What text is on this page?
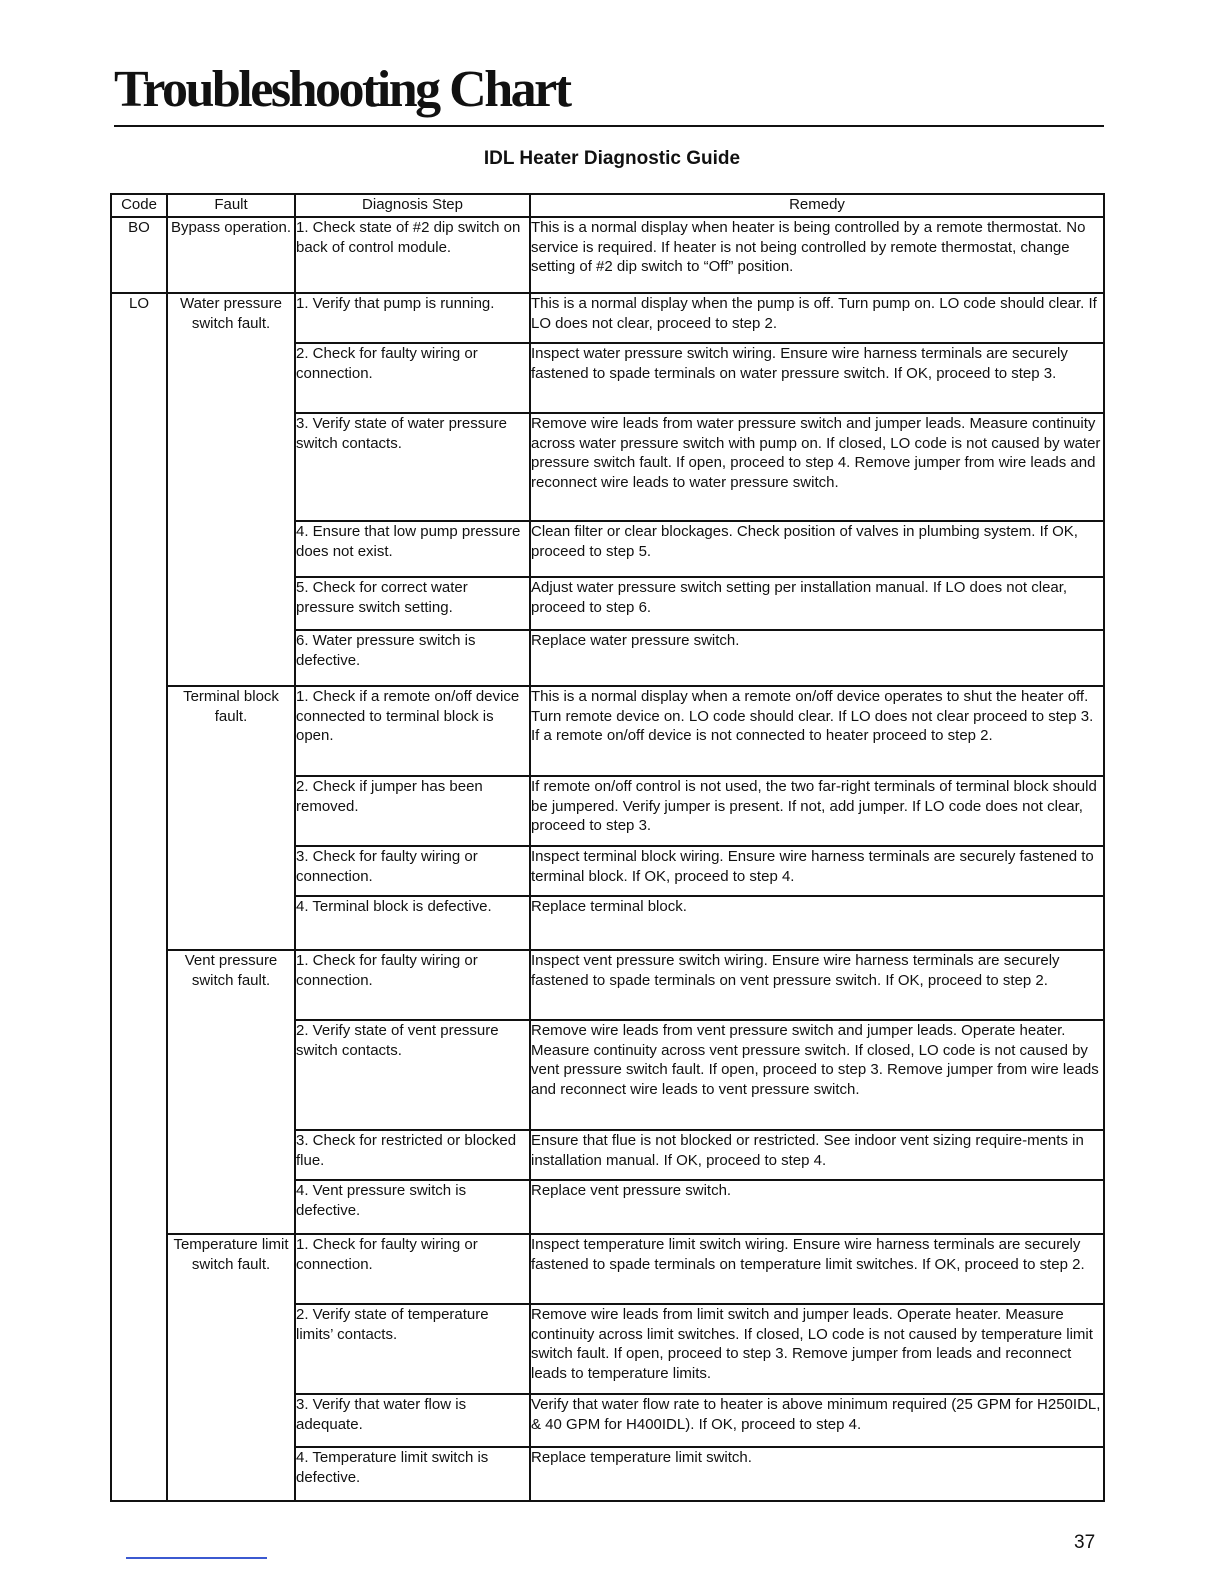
Troubleshooting Chart
IDL Heater Diagnostic Guide
Code	Fault	Diagnosis Step	Remedy
BO	Bypass operation.	1. Check state of #2 dip switch on back of control module.	This is a normal display when heater is being controlled by a remote thermostat. No service is required. If heater is not being controlled by remote thermostat, change setting of #2 dip switch to “Off” position.
LO	Water pressure switch fault.	1. Verify that pump is running.	This is a normal display when the pump is off. Turn pump on. LO code should clear. If LO does not clear, proceed to step 2.
		2. Check for faulty wiring or connection.	Inspect water pressure switch wiring. Ensure wire harness terminals are securely fastened to spade terminals on water pressure switch. If OK, proceed to step 3.
		3. Verify state of water pressure switch contacts.	Remove wire leads from water pressure switch and jumper leads. Measure continuity across water pressure switch with pump on. If closed, LO code is not caused by water pressure switch fault. If open, proceed to step 4. Remove jumper from wire leads and reconnect wire leads to water pressure switch.
		4. Ensure that low pump pressure does not exist.	Clean filter or clear blockages. Check position of valves in plumbing system. If OK, proceed to step 5.
		5. Check for correct water pressure switch setting.	Adjust water pressure switch setting per installation manual. If LO does not clear, proceed to step 6.
		6. Water pressure switch is defective.	Replace water pressure switch.
	Terminal block fault.	1. Check if a remote on/off device connected to terminal block is open.	This is a normal display when a remote on/off device operates to shut the heater off. Turn remote device on. LO code should clear. If LO does not clear proceed to step 3. If a remote on/off device is not connected to heater proceed to step 2.
		2. Check if jumper has been removed.	If remote on/off control is not used, the two far-right terminals of terminal block should be jumpered. Verify jumper is present. If not, add jumper. If LO code does not clear, proceed to step 3.
		3. Check for faulty wiring or connection.	Inspect terminal block wiring. Ensure wire harness terminals are securely fastened to terminal block. If OK, proceed to step 4.
		4. Terminal block is defective.	Replace terminal block.
	Vent pressure switch fault.	1. Check for faulty wiring or connection.	Inspect vent pressure switch wiring. Ensure wire harness terminals are securely fastened to spade terminals on vent pressure switch. If OK, proceed to step 2.
		2. Verify state of vent pressure switch contacts.	Remove wire leads from vent pressure switch and jumper leads. Operate heater. Measure continuity across vent pressure switch. If closed, LO code is not caused by vent pressure switch fault. If open, proceed to step 3. Remove jumper from wire leads and reconnect wire leads to vent pressure switch.
		3. Check for restricted or blocked flue.	Ensure that flue is not blocked or restricted. See indoor vent sizing require-ments in installation manual. If OK, proceed to step 4.
		4. Vent pressure switch is defective.	Replace vent pressure switch.
	Temperature limit switch fault.	1. Check for faulty wiring or connection.	Inspect temperature limit switch wiring. Ensure wire harness terminals are securely fastened to spade terminals on temperature limit switches. If OK, proceed to step 2.
		2. Verify state of temperature limits’ contacts.	Remove wire leads from limit switch and jumper leads. Operate heater. Measure continuity across limit switches. If closed, LO code is not caused by temperature limit switch fault. If open, proceed to step 3. Remove jumper from leads and reconnect leads to temperature limits.
		3. Verify that water flow is adequate.	Verify that water flow rate to heater is above minimum required (25 GPM for H250IDL, & 40 GPM for H400IDL). If OK, proceed to step 4.
		4. Temperature limit switch is defective.	Replace temperature limit switch.
37
